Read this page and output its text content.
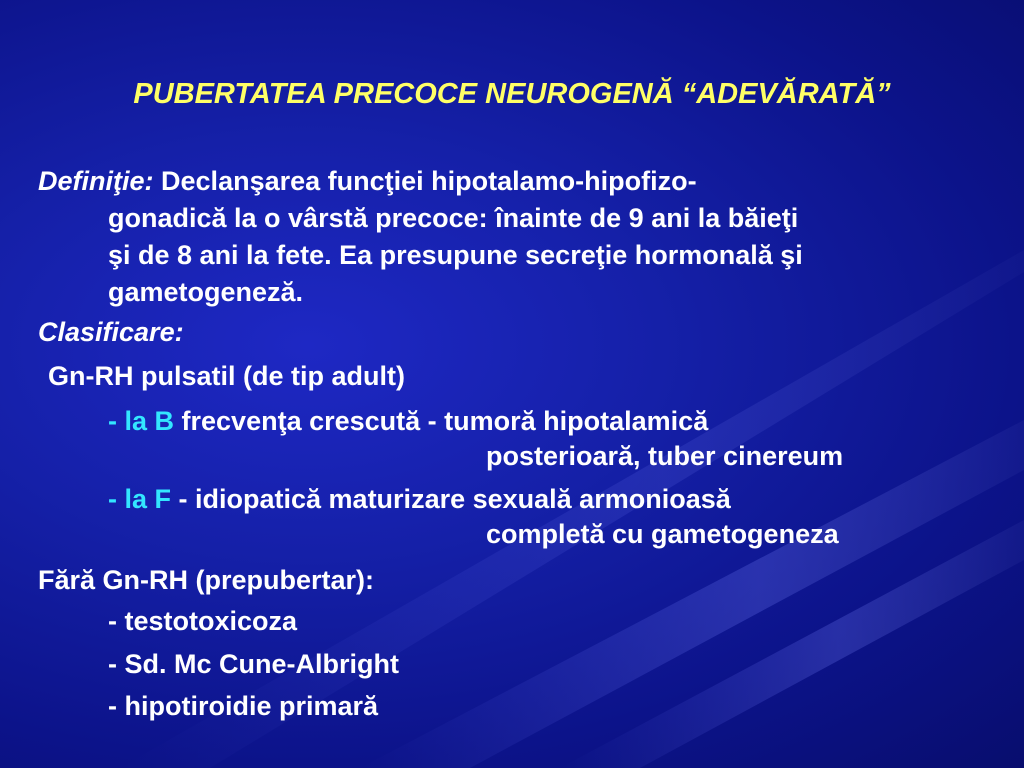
PUBERTATEA PRECOCE NEUROGENĂ “ADEVĂRATĂ”
Definiţie: Declanşarea funcţiei hipotalamo-hipofizo-
gonadică la o vârstă precoce: înainte de 9 ani la băieţi
şi de 8 ani la fete. Ea presupune secreţie hormonală şi
gametogeneză.
Clasificare:
Gn-RH pulsatil (de tip adult)
- la B frecvenţa crescută - tumoră hipotalamică
posterioară, tuber cinereum
- la F - idiopatică maturizare sexuală armonioasă
completă cu gametogeneza
Fără Gn-RH (prepubertar):
- testotoxicoza
- Sd. Mc Cune-Albright
- hipotiroidie primară
